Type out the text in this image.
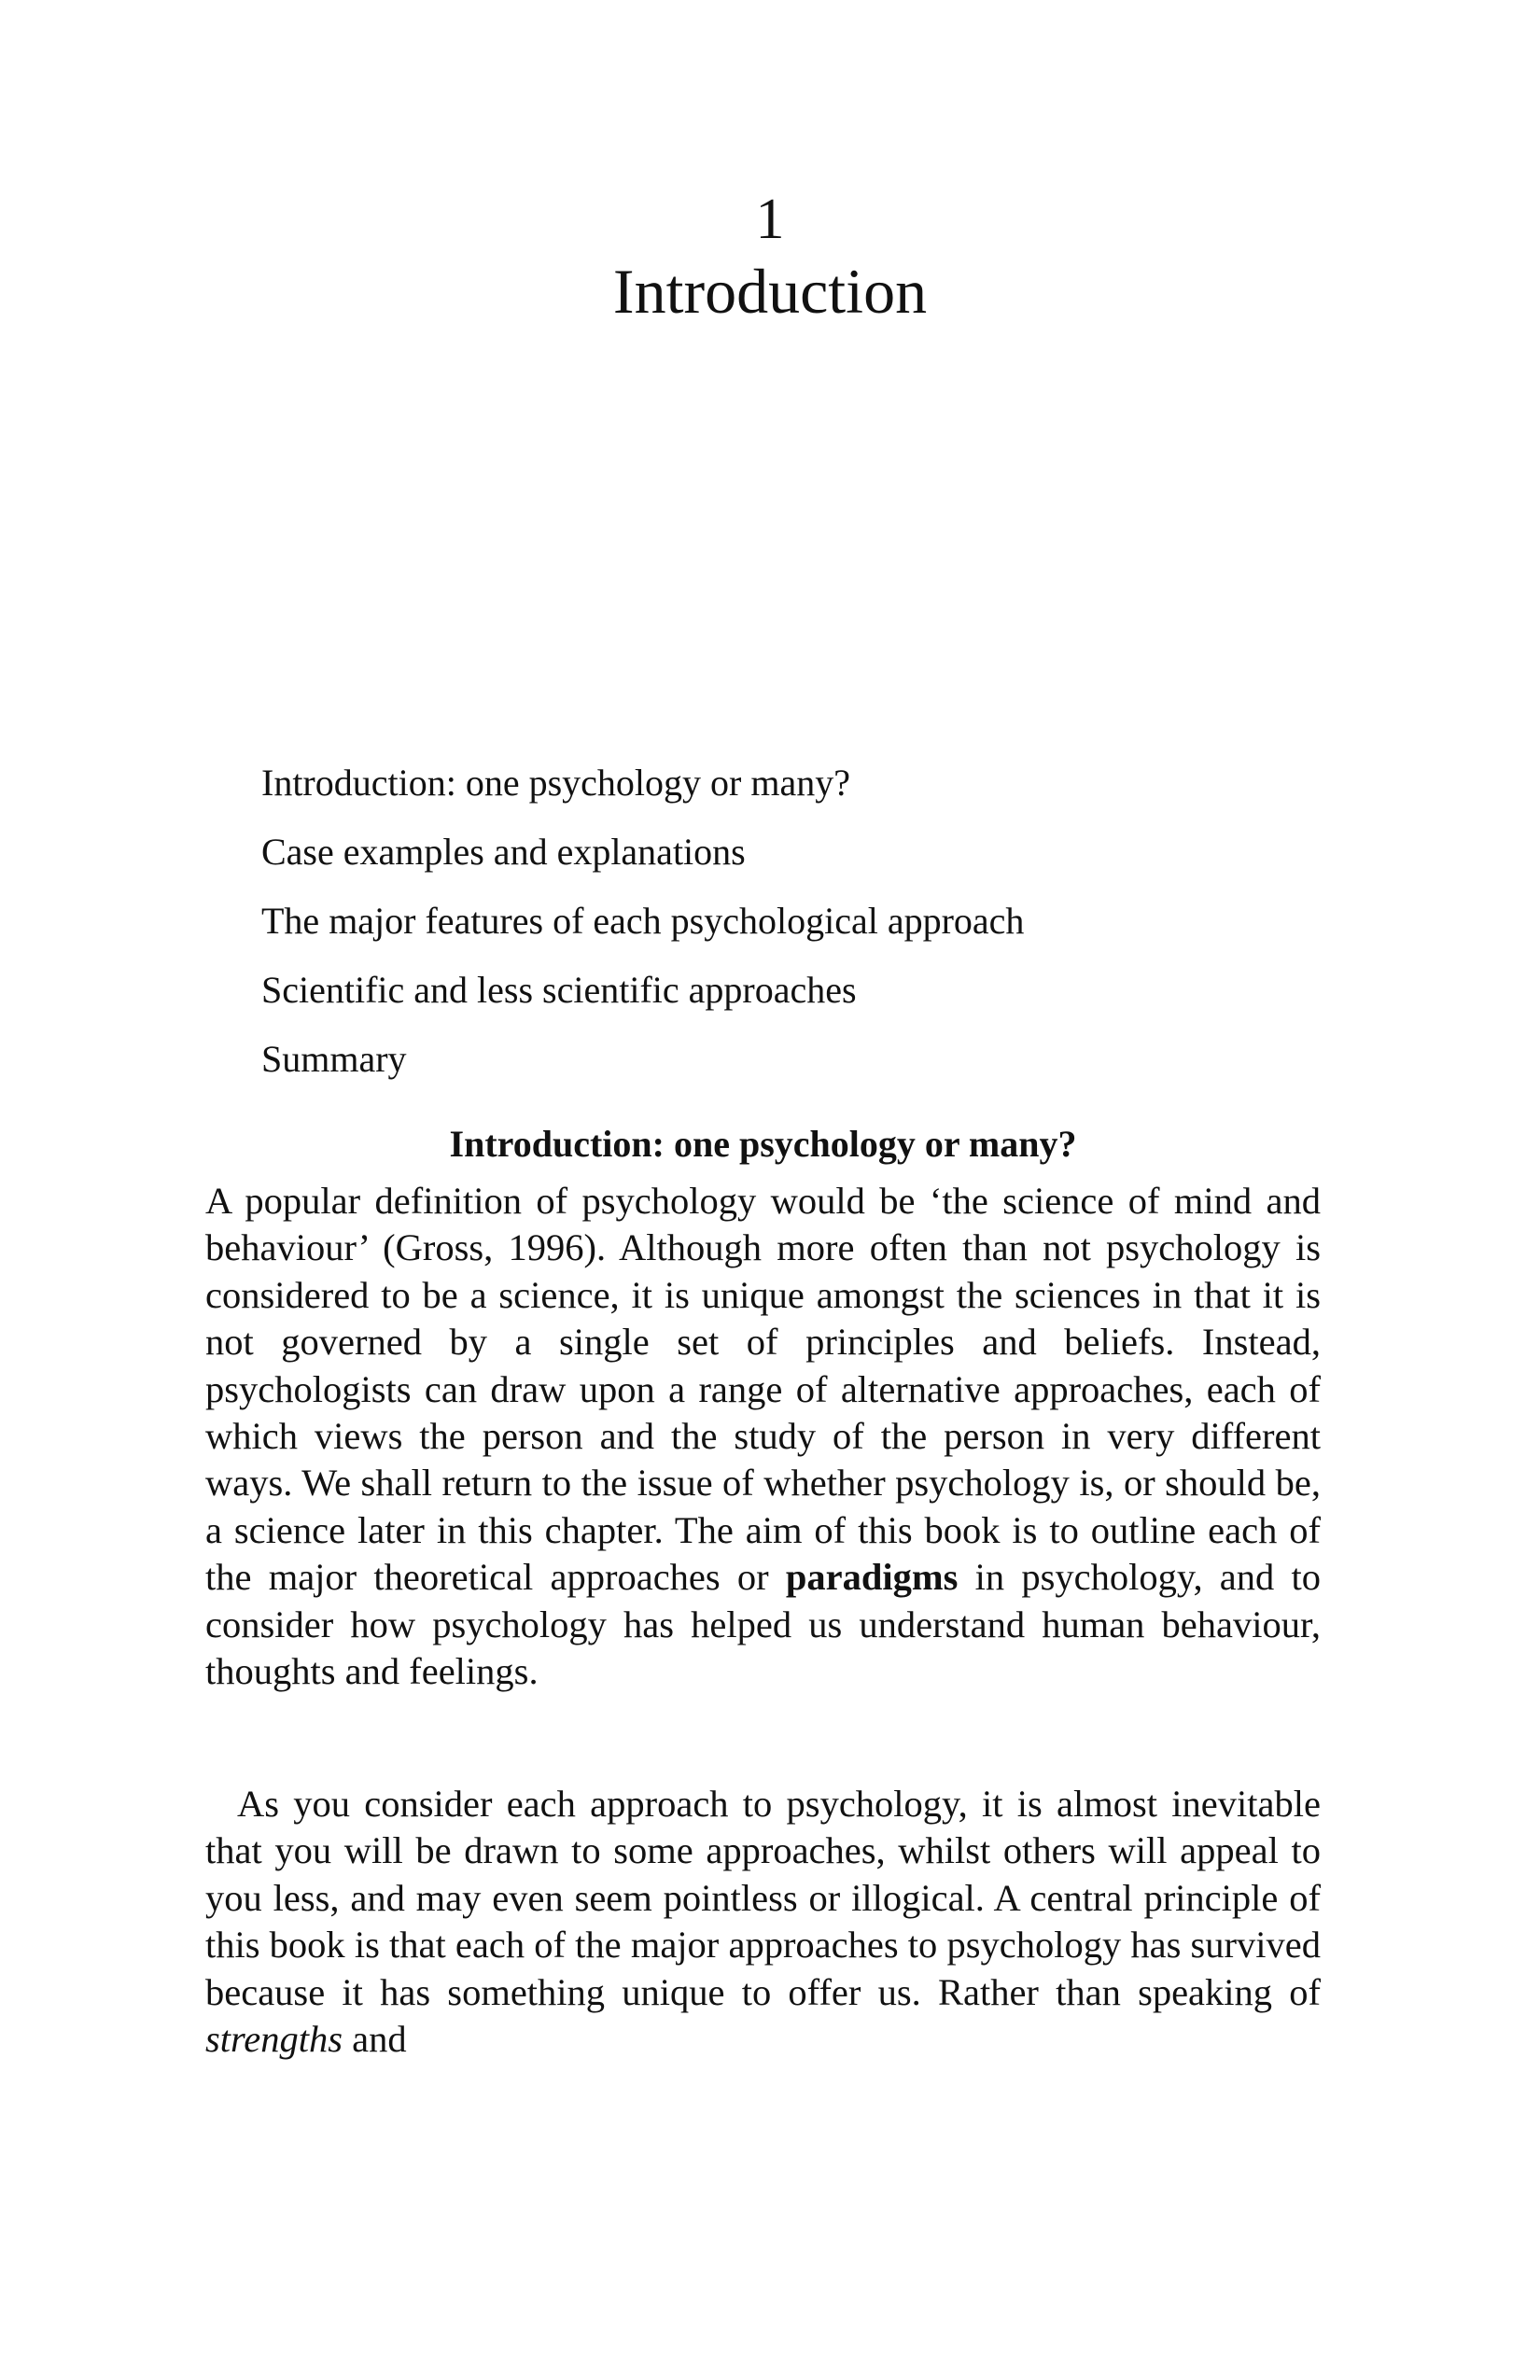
1
Introduction
Introduction: one psychology or many?
Case examples and explanations
The major features of each psychological approach
Scientific and less scientific approaches
Summary
Introduction: one psychology or many?

A popular definition of psychology would be ‘the science of mind and behaviour’ (Gross, 1996). Although more often than not psychology is considered to be a science, it is unique amongst the sciences in that it is not governed by a single set of principles and beliefs. Instead, psychologists can draw upon a range of alternative approaches, each of which views the person and the study of the person in very different ways. We shall return to the issue of whether psychology is, or should be, a science later in this chapter. The aim of this book is to outline each of the major theoretical approaches or paradigms in psychology, and to consider how psychology has helped us understand human behaviour, thoughts and feelings.

As you consider each approach to psychology, it is almost inevitable that you will be drawn to some approaches, whilst others will appeal to you less, and may even seem pointless or illogical. A central principle of this book is that each of the major approaches to psychology has survived because it has something unique to offer us. Rather than speaking of strengths and
